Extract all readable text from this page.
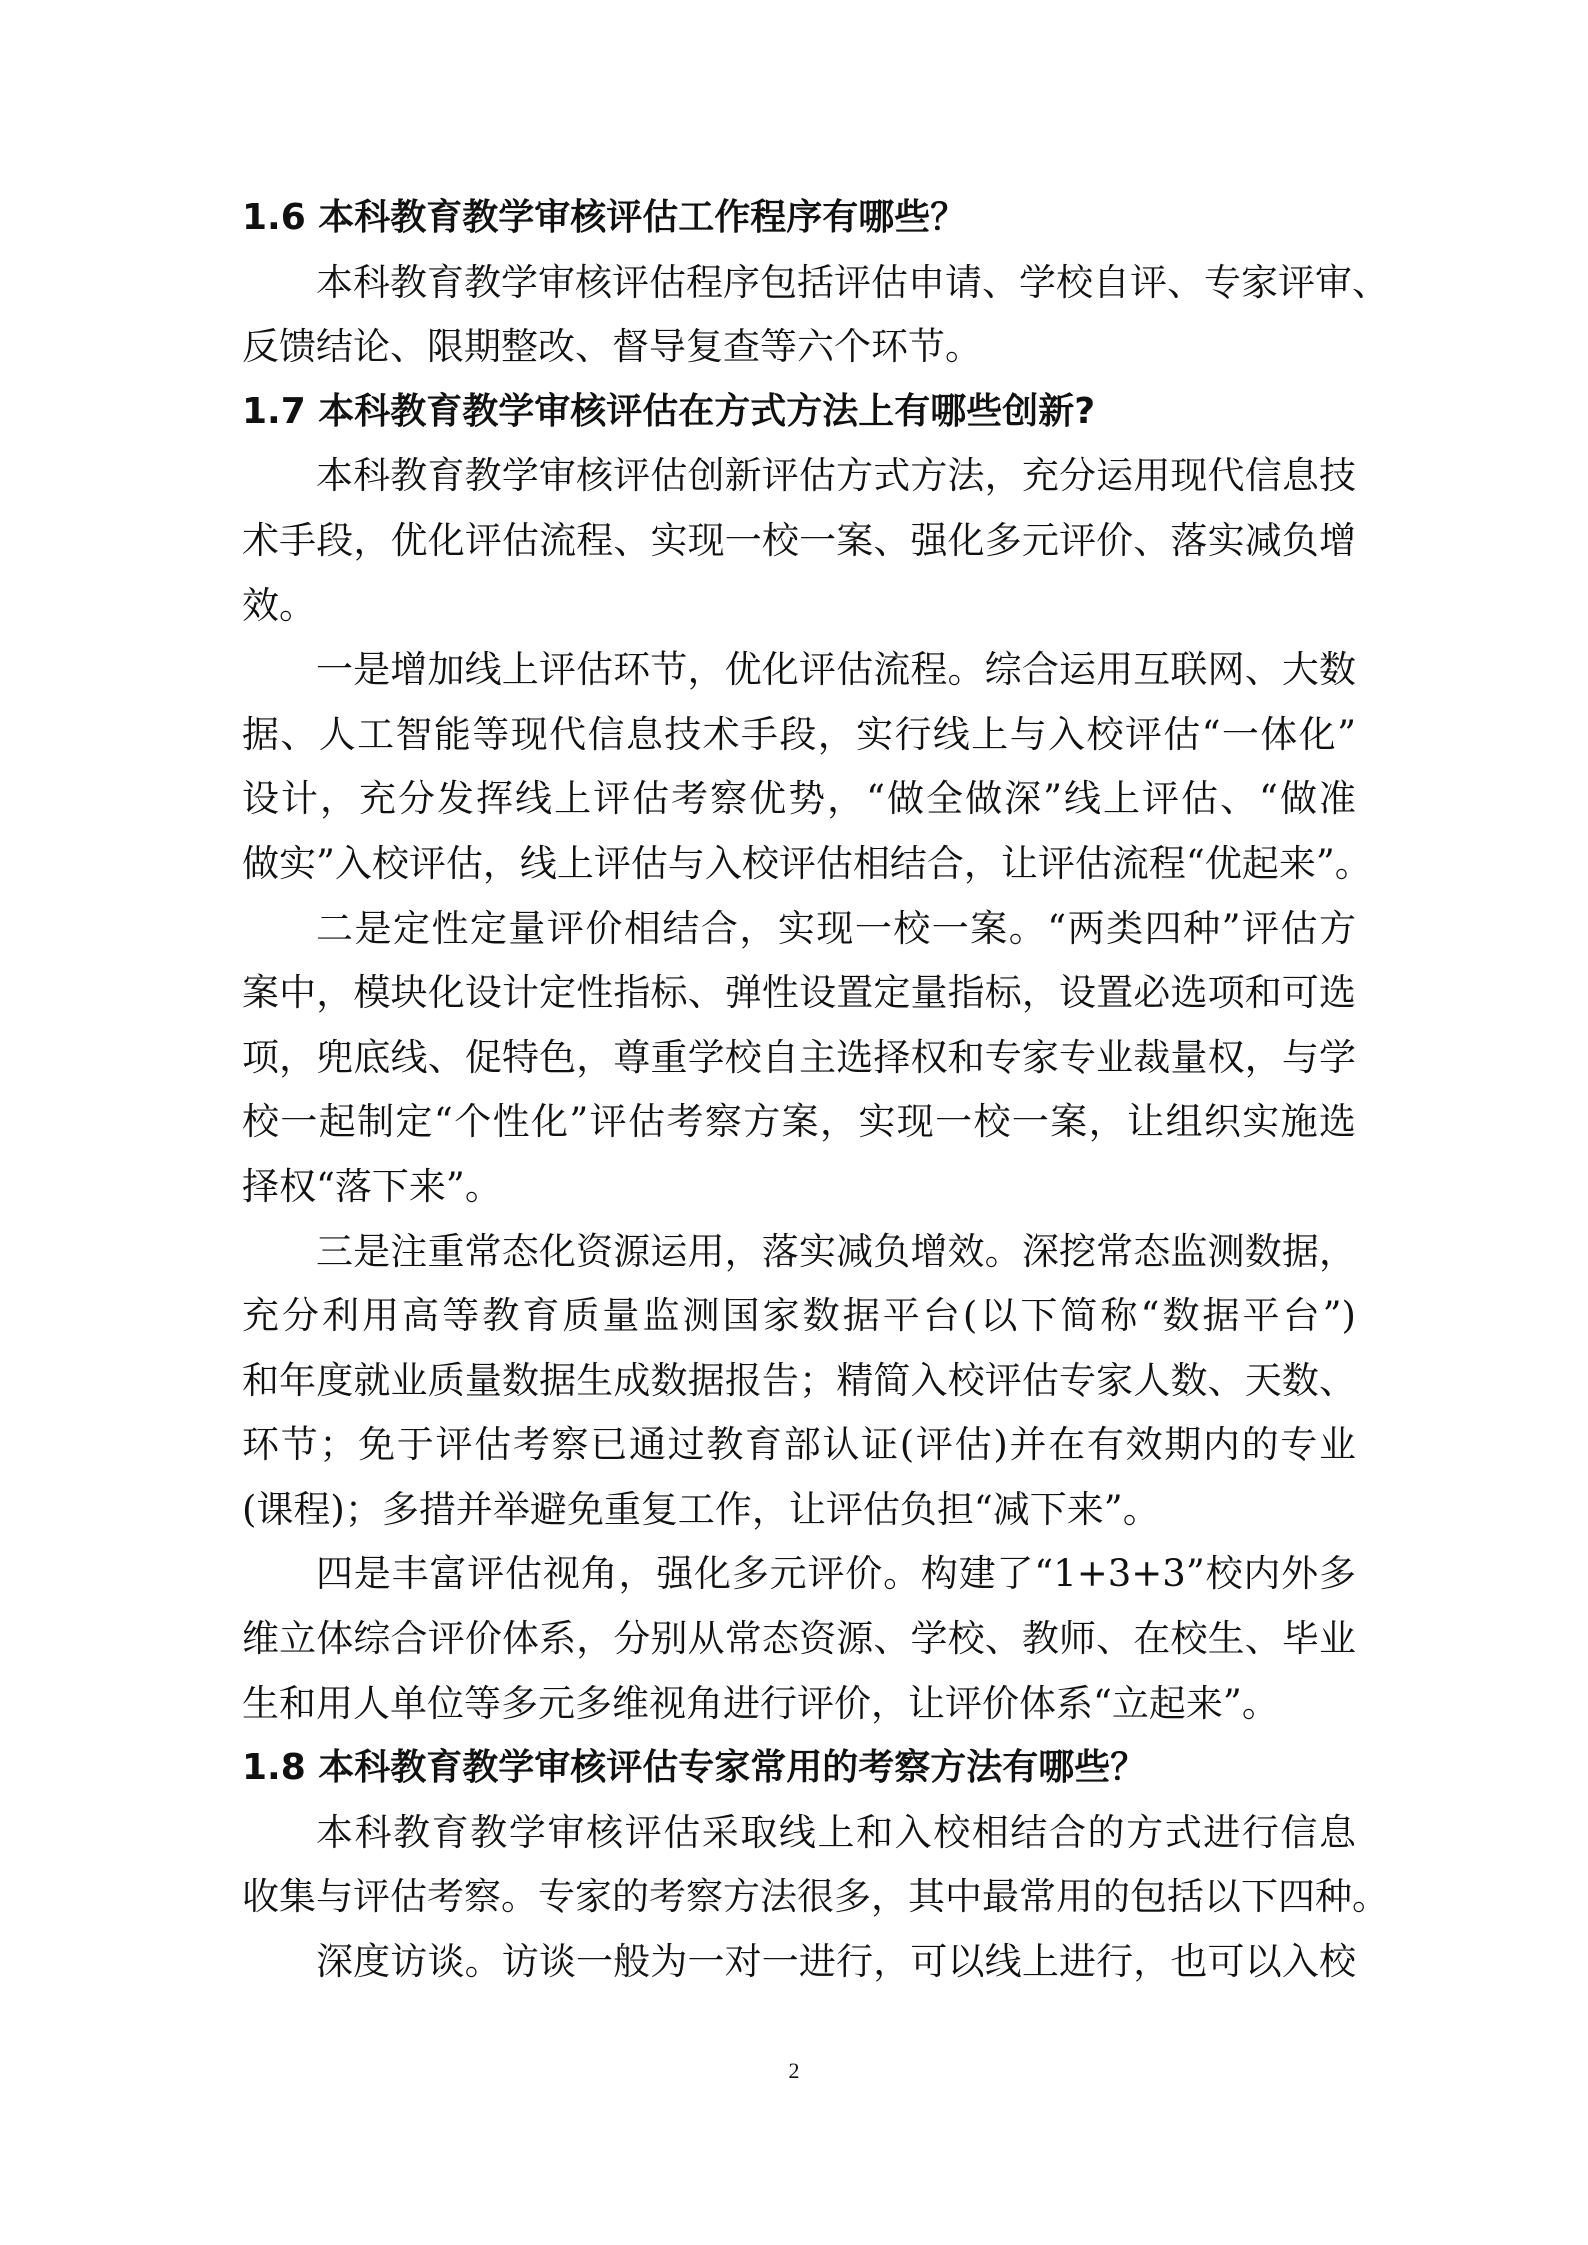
1.6 本科教育教学审核评估工作程序有哪些？
本科教育教学审核评估程序包括评估申请、学校自评、专家评审、
反馈结论、限期整改、督导复查等六个环节。
1.7 本科教育教学审核评估在方式方法上有哪些创新?
本科教育教学审核评估创新评估方式方法，充分运用现代信息技
术手段，优化评估流程、实现一校一案、强化多元评价、落实减负增
效。
一是增加线上评估环节，优化评估流程。综合运用互联网、大数
据、人工智能等现代信息技术手段，实行线上与入校评估“一体化”
设计，充分发挥线上评估考察优势，“做全做深”线上评估、“做准
做实”入校评估，线上评估与入校评估相结合，让评估流程“优起来”。
二是定性定量评价相结合，实现一校一案。“两类四种”评估方
案中，模块化设计定性指标、弹性设置定量指标，设置必选项和可选
项，兜底线、促特色，尊重学校自主选择权和专家专业裁量权，与学
校一起制定“个性化”评估考察方案，实现一校一案，让组织实施选
择权“落下来”。
三是注重常态化资源运用，落实减负增效。深挖常态监测数据，
充分利用高等教育质量监测国家数据平台(以下简称“数据平台”)
和年度就业质量数据生成数据报告；精简入校评估专家人数、天数、
环节；免于评估考察已通过教育部认证(评估)并在有效期内的专业
(课程)；多措并举避免重复工作，让评估负担“减下来”。
四是丰富评估视角，强化多元评价。构建了“1+3+3”校内外多
维立体综合评价体系，分别从常态资源、学校、教师、在校生、毕业
生和用人单位等多元多维视角进行评价，让评价体系“立起来”。
1.8 本科教育教学审核评估专家常用的考察方法有哪些？
本科教育教学审核评估采取线上和入校相结合的方式进行信息
收集与评估考察。专家的考察方法很多，其中最常用的包括以下四种。
深度访谈。访谈一般为一对一进行，可以线上进行，也可以入校
2
